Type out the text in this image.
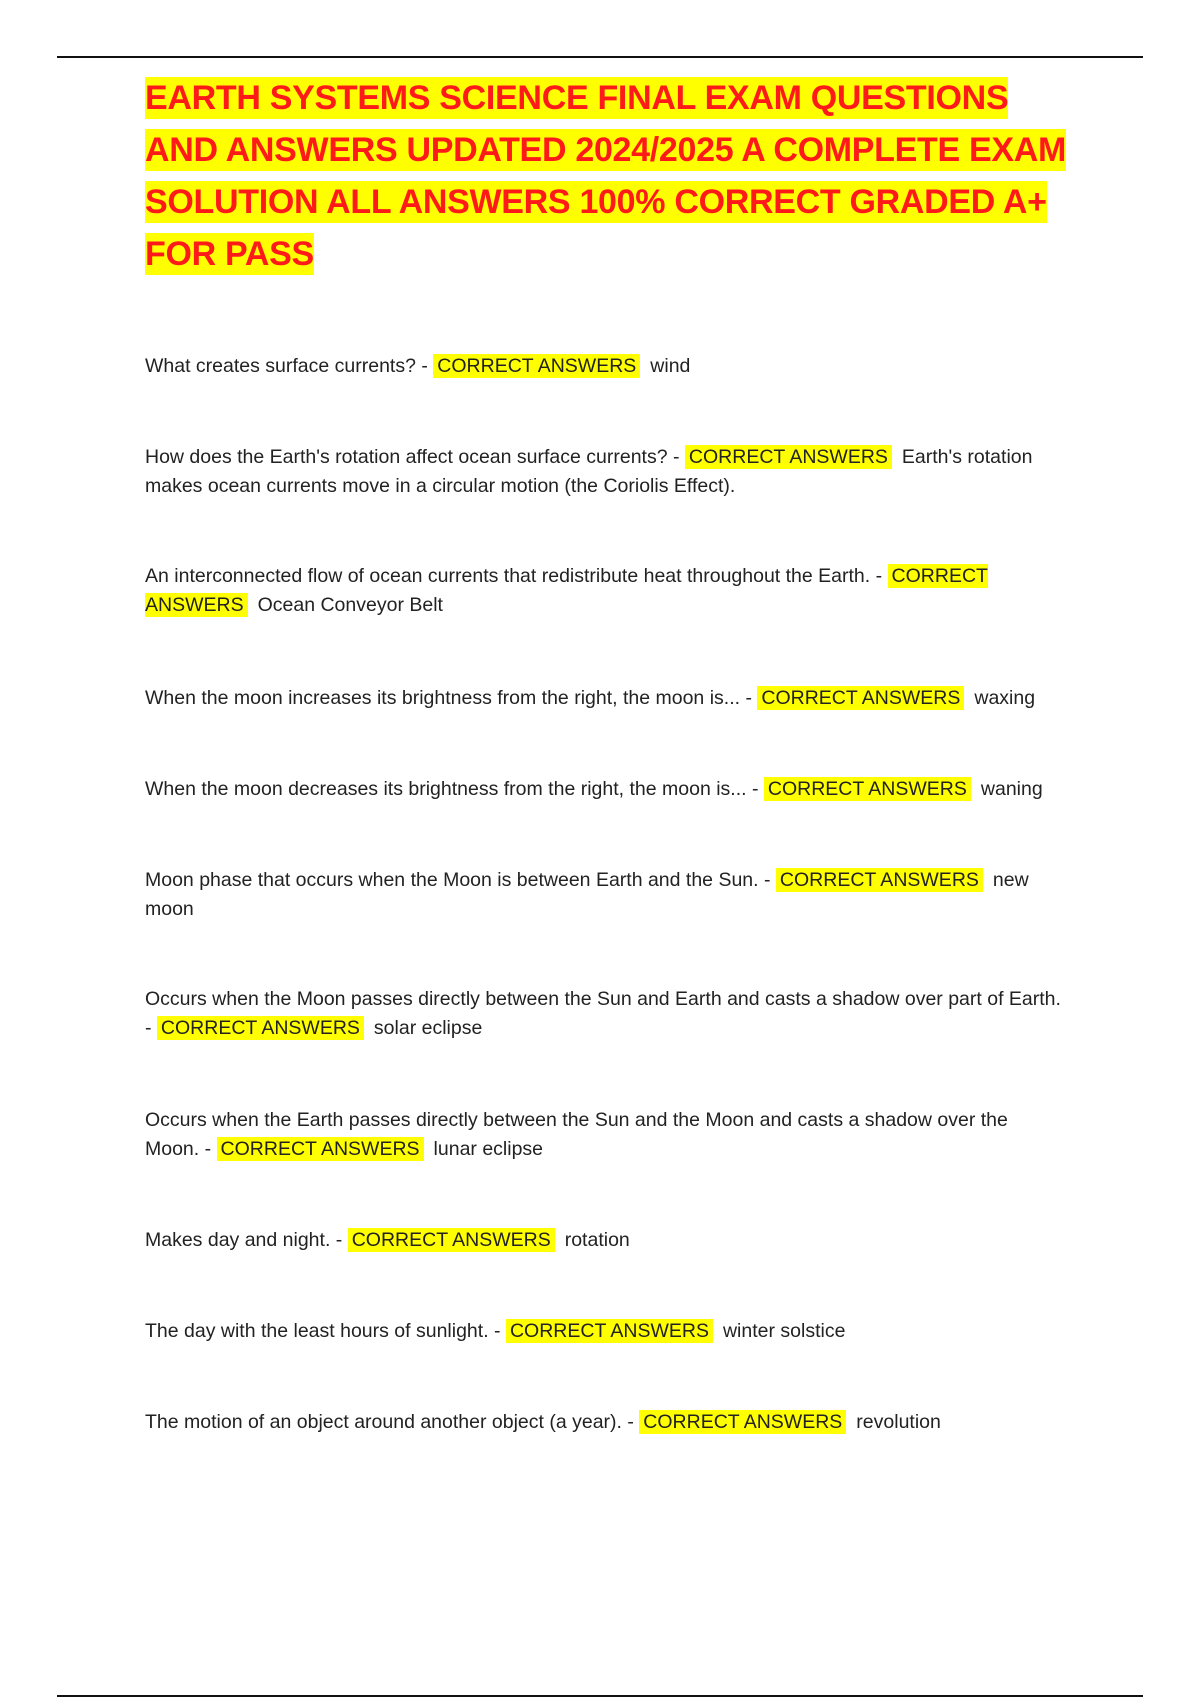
EARTH SYSTEMS SCIENCE FINAL EXAM QUESTIONS AND ANSWERS UPDATED 2024/2025 A COMPLETE EXAM SOLUTION ALL ANSWERS 100% CORRECT GRADED A+ FOR PASS
What creates surface currents? - CORRECT ANSWERS wind
How does the Earth's rotation affect ocean surface currents? - CORRECT ANSWERS Earth's rotation makes ocean currents move in a circular motion (the Coriolis Effect).
An interconnected flow of ocean currents that redistribute heat throughout the Earth. - CORRECT ANSWERS Ocean Conveyor Belt
When the moon increases its brightness from the right, the moon is... - CORRECT ANSWERS waxing
When the moon decreases its brightness from the right, the moon is... - CORRECT ANSWERS waning
Moon phase that occurs when the Moon is between Earth and the Sun. - CORRECT ANSWERS new moon
Occurs when the Moon passes directly between the Sun and Earth and casts a shadow over part of Earth. - CORRECT ANSWERS solar eclipse
Occurs when the Earth passes directly between the Sun and the Moon and casts a shadow over the Moon. - CORRECT ANSWERS lunar eclipse
Makes day and night. - CORRECT ANSWERS rotation
The day with the least hours of sunlight. - CORRECT ANSWERS winter solstice
The motion of an object around another object (a year). - CORRECT ANSWERS revolution
